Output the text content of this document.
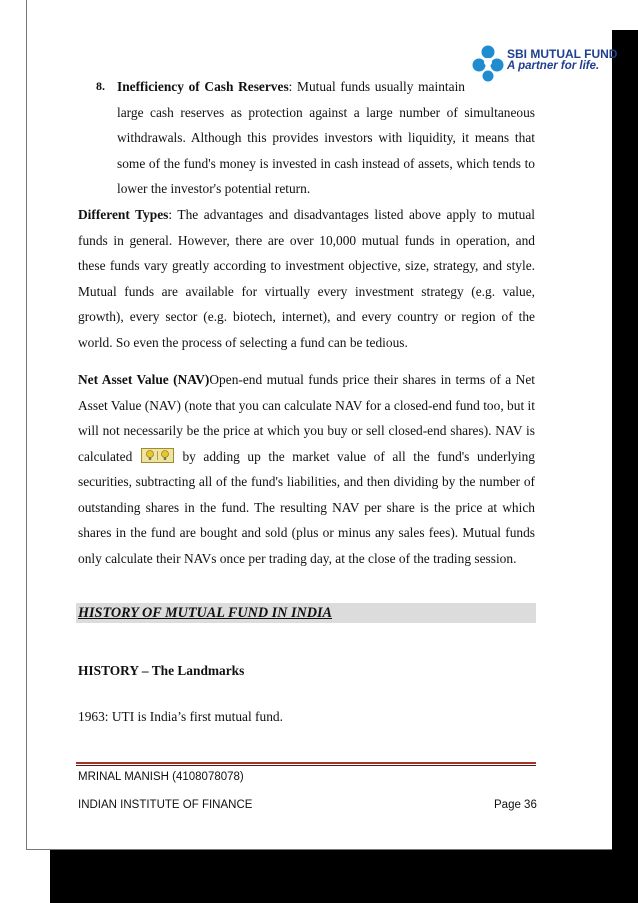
SBI MUTUAL FUND
A partner for life.
8. Inefficiency of Cash Reserves: Mutual funds usually maintain
large cash reserves as protection against a large number of simultaneous withdrawals. Although this provides investors with liquidity, it means that some of the fund's money is invested in cash instead of assets, which tends to lower the investor's potential return.
Different Types: The advantages and disadvantages listed above apply to mutual funds in general. However, there are over 10,000 mutual funds in operation, and these funds vary greatly according to investment objective, size, strategy, and style. Mutual funds are available for virtually every investment strategy (e.g. value, growth), every sector (e.g. biotech, internet), and every country or region of the world. So even the process of selecting a fund can be tedious.
Net Asset Value (NAV)Open-end mutual funds price their shares in terms of a Net Asset Value (NAV) (note that you can calculate NAV for a closed-end fund too, but it will not necessarily be the price at which you buy or sell closed-end shares). NAV is calculated	by adding up the market value of all the fund's underlying securities, subtracting all of the fund's liabilities, and then dividing by the number of outstanding shares in the fund. The resulting NAV per share is the price at which shares in the fund are bought and sold (plus or minus any sales fees). Mutual funds only calculate their NAVs once per trading day, at the close of the trading session.
HISTORY OF MUTUAL FUND IN INDIA
HISTORY – The Landmarks
1963: UTI is India’s first mutual fund.
MRINAL MANISH (4108078078)
INDIAN INSTITUTE OF FINANCE	Page 36
